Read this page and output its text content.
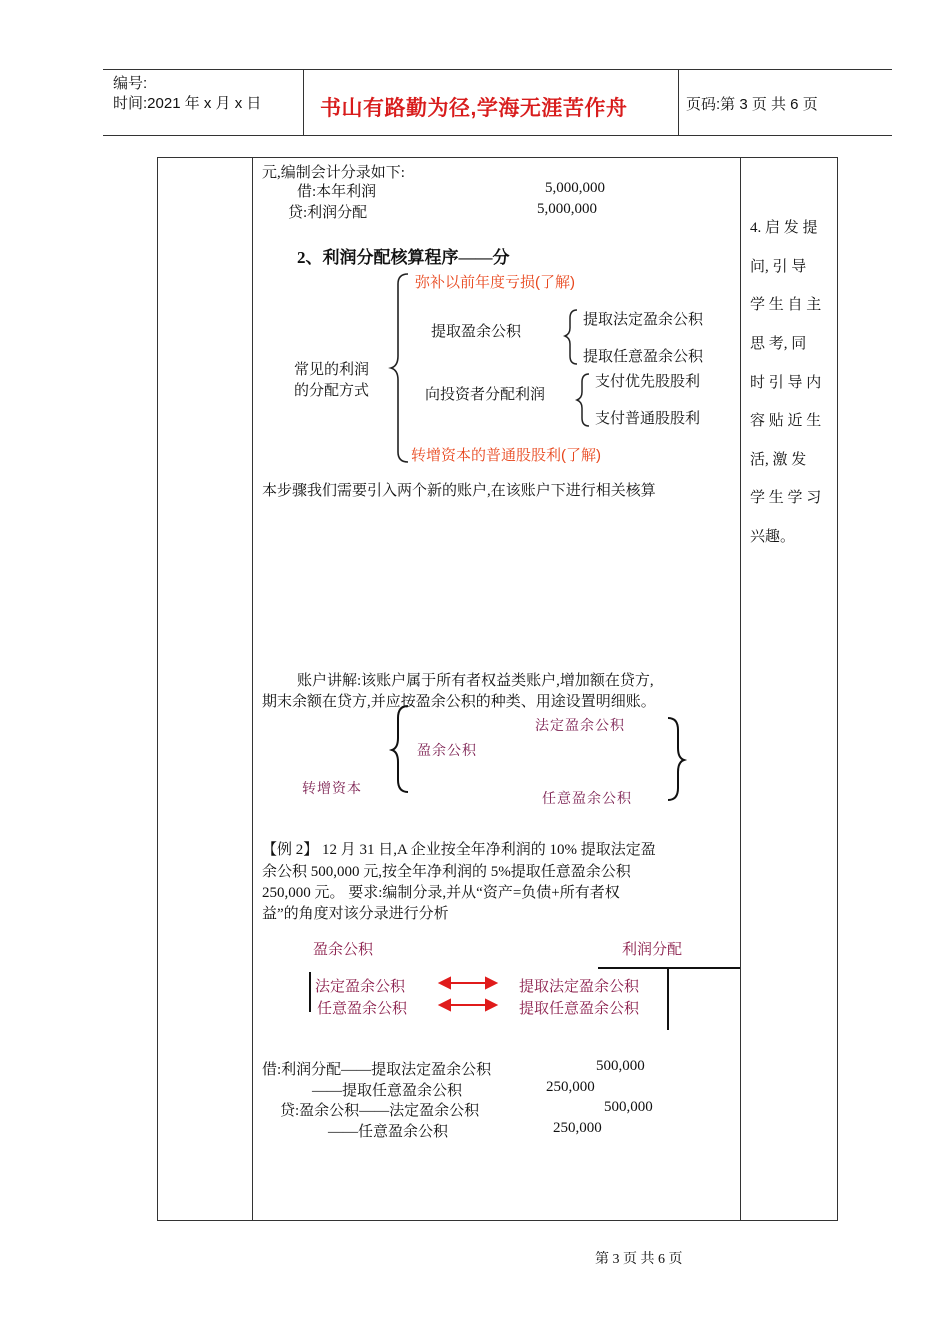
编号:
时间:2021 年 x 月 x 日	书山有路勤为径,学海无涯苦作舟	页码:第 3 页 共 6 页
元,编制会计分录如下:
借:本年利润	5,000,000
贷:利润分配	5,000,000
2、利润分配核算程序——分
弥补以前年度亏损(了解)
提取盈余公积
提取法定盈余公积
提取任意盈余公积
常见的利润
的分配方式	向投资者分配利润
支付优先股股利
支付普通股股利
转增资本的普通股股利(了解)
本步骤我们需要引入两个新的账户,在该账户下进行相关核算
账户讲解:该账户属于所有者权益类账户,增加额在贷方,
期末余额在贷方,并应按盈余公积的种类、用途设置明细账。
法定盈余公积
盈余公积
转增资本
任意盈余公积
【例 2】 12 月 31 日,A 企业按全年净利润的 10% 提取法定盈
余公积 500,000 元,按全年净利润的 5%提取任意盈余公积
250,000 元。 要求:编制分录,并从“资产=负债+所有者权
益”的角度对该分录进行分析
盈余公积	利润分配
法定盈余公积
任意盈余公积
提取法定盈余公积
提取任意盈余公积
借:利润分配——提取法定盈余公积	500,000
——提取任意盈余公积	250,000
贷:盈余公积——法定盈余公积	500,000
——任意盈余公积	250,000

4. 启 发 提

问, 引 导

学 生 自 主

思 考, 同

时 引 导 内

容 贴 近 生

活, 激 发

学 生 学 习

兴趣。

第 3 页 共 6 页
